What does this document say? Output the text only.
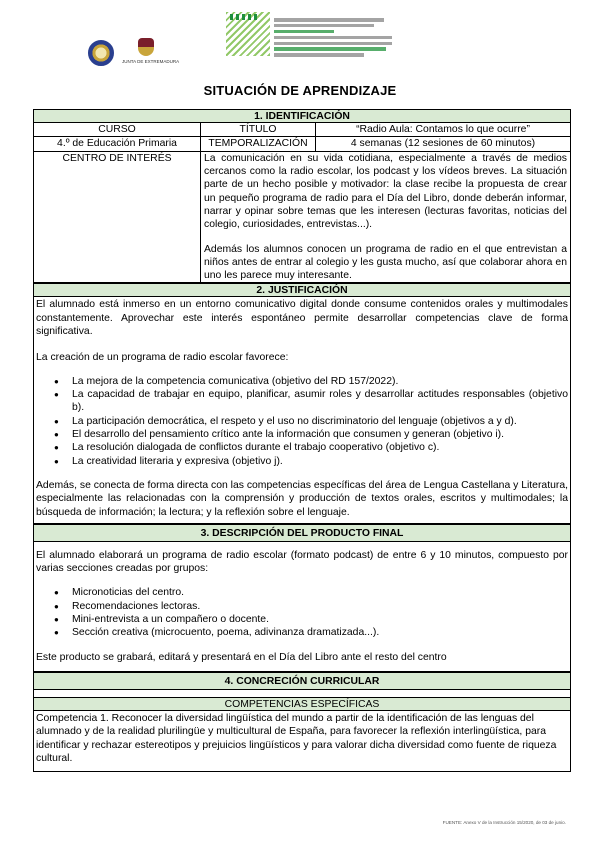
JUNTA DE EXTREMADURA
SITUACIÓN DE APRENDIZAJE
1. IDENTIFICACIÓN
CURSO	TÍTULO	“Radio Aula: Contamos lo que ocurre”
4.º de Educación Primaria	TEMPORALIZACIÓN	4 semanas (12 sesiones de 60 minutos)
CENTRO DE INTERÉS	La comunicación en su vida cotidiana, especialmente a través de medios cercanos como la radio escolar, los podcast y los vídeos breves. La situación parte de un hecho posible y motivador: la clase recibe la propuesta de crear un pequeño programa de radio para el Día del Libro, donde deberán informar, narrar y opinar sobre temas que les interesen (lecturas favoritas, noticias del colegio, curiosidades, entrevistas...).

Además los alumnos conocen un programa de radio en el que entrevistan a niños antes de entrar al colegio y les gusta mucho, así que colaborar ahora en uno les parece muy interesante.

2. JUSTIFICACIÓN

El alumnado está inmerso en un entorno comunicativo digital donde consume contenidos orales y multimodales constantemente. Aprovechar este interés espontáneo permite desarrollar competencias clave de forma significativa.

La creación de un programa de radio escolar favorece:

● La mejora de la competencia comunicativa (objetivo del RD 157/2022).
● La capacidad de trabajar en equipo, planificar, asumir roles y desarrollar actitudes responsables (objetivo b).
● La participación democrática, el respeto y el uso no discriminatorio del lenguaje (objetivos a y d).
● El desarrollo del pensamiento crítico ante la información que consumen y generan (objetivo i).
● La resolución dialogada de conflictos durante el trabajo cooperativo (objetivo c).
● La creatividad literaria y expresiva (objetivo j).

Además, se conecta de forma directa con las competencias específicas del área de Lengua Castellana y Literatura, especialmente las relacionadas con la comprensión y producción de textos orales, escritos y multimodales; la búsqueda de información; la lectura; y la reflexión sobre el lenguaje.

3. DESCRIPCIÓN DEL PRODUCTO FINAL

El alumnado elaborará un programa de radio escolar (formato podcast) de entre 6 y 10 minutos, compuesto por varias secciones creadas por grupos:

● Micronoticias del centro.
● Recomendaciones lectoras.
● Mini-entrevista a un compañero o docente.
● Sección creativa (microcuento, poema, adivinanza dramatizada...).

Este producto se grabará, editará y presentará en el Día del Libro ante el resto del centro

4. CONCRECIÓN CURRICULAR
COMPETENCIAS ESPECÍFICAS

Competencia 1. Reconocer la diversidad lingüística del mundo a partir de la identificación de las lenguas del alumnado y de la realidad plurilingüe y multicultural de España, para favorecer la reflexión interlingüística, para identificar y rechazar estereotipos y prejuicios lingüísticos y para valorar dicha diversidad como fuente de riqueza cultural.

FUENTE: Anexo V de la Instrucción 15/2020, de 03 de junio.
